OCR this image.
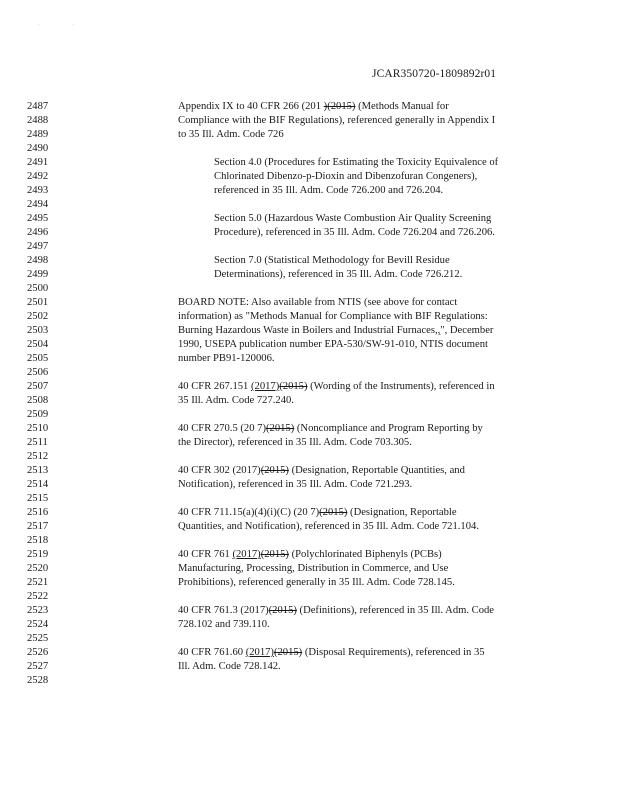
·	·
JCAR350720-1809892r01
2487	Appendix IX to 40 CFR 266 (201 )(2015) (Methods Manual for
2488	Compliance with the BIF Regulations), referenced generally in Appendix I
2489	to 35 Ill. Adm. Code 726
2490
2491	Section 4.0 (Procedures for Estimating the Toxicity Equivalence of
2492	Chlorinated Dibenzo-p-Dioxin and Dibenzofuran Congeners),
2493	referenced in 35 Ill. Adm. Code 726.200 and 726.204.
2494
2495	Section 5.0 (Hazardous Waste Combustion Air Quality Screening
2496	Procedure), referenced in 35 Ill. Adm. Code 726.204 and 726.206.
2497
2498	Section 7.0 (Statistical Methodology for Bevill Residue
2499	Determinations), referenced in 35 Ill. Adm. Code 726.212.
2500
2501	BOARD NOTE: Also available from NTIS (see above for contact
2502	information) as "Methods Manual for Compliance with BIF Regulations:
2503	Burning Hazardous Waste in Boilers and Industrial Furnaces,,", December
2504	1990, USEPA publication number EPA-530/SW-91-010, NTIS document
2505	number PB91-120006.
2506
2507	40 CFR 267.151 (2017)(2015) (Wording of the Instruments), referenced in
2508	35 Ill. Adm. Code 727.240.
2509
2510	40 CFR 270.5 (20 7)(2015) (Noncompliance and Program Reporting by
2511	the Director), referenced in 35 Ill. Adm. Code 703.305.
2512
2513	40 CFR 302 (2017)(2015) (Designation, Reportable Quantities, and
2514	Notification), referenced in 35 Ill. Adm. Code 721.293.
2515
2516	40 CFR 711.15(a)(4)(i)(C) (20 7)(2015) (Designation, Reportable
2517	Quantities, and Notification), referenced in 35 Ill. Adm. Code 721.104.
2518
2519	40 CFR 761 (2017)(2015) (Polychlorinated Biphenyls (PCBs)
2520	Manufacturing, Processing, Distribution in Commerce, and Use
2521	Prohibitions), referenced generally in 35 Ill. Adm. Code 728.145.
2522
2523	40 CFR 761.3 (2017)(2015) (Definitions), referenced in 35 Ill. Adm. Code
2524	728.102 and 739.110.
2525
2526	40 CFR 761.60 (2017)(2015) (Disposal Requirements), referenced in 35
2527	Ill. Adm. Code 728.142.
2528
